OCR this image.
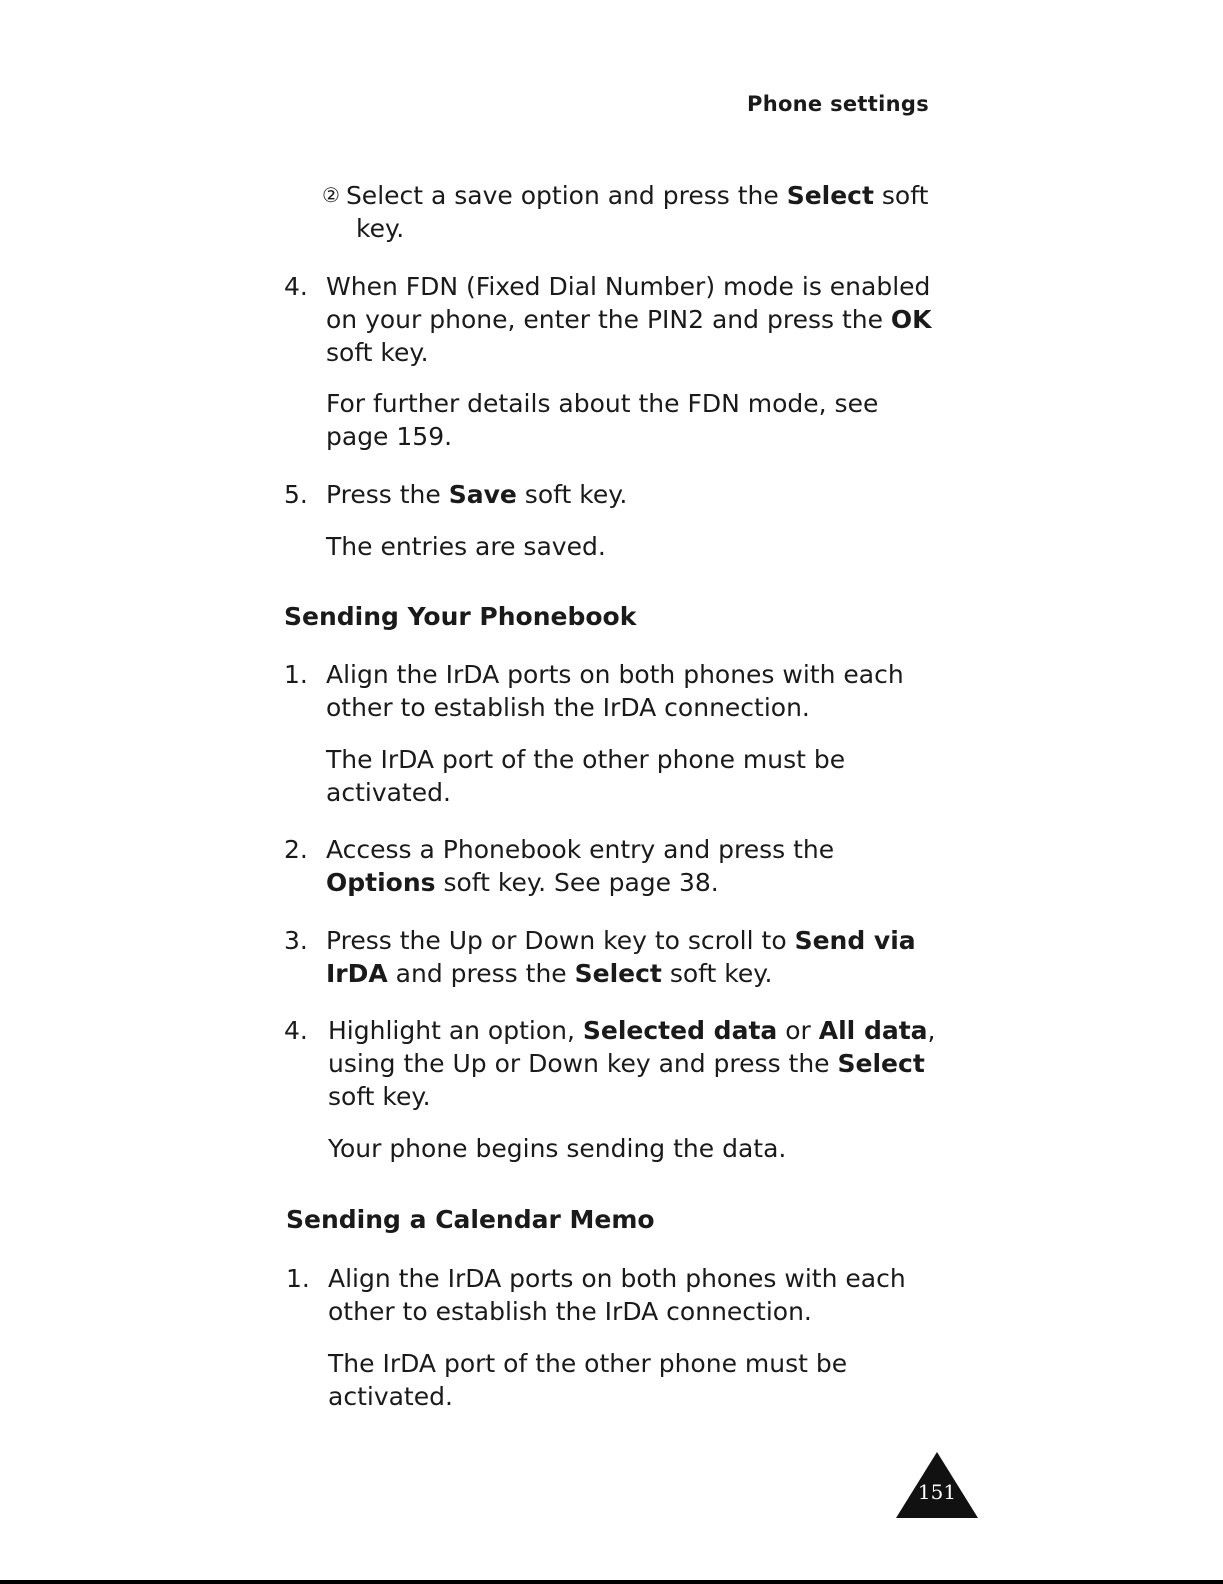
Phone settings
② Select a save option and press the Select soft
key.
4. When FDN (Fixed Dial Number) mode is enabled
on your phone, enter the PIN2 and press the OK
soft key.
For further details about the FDN mode, see
page 159.
5. Press the Save soft key.
The entries are saved.
Sending Your Phonebook
1. Align the IrDA ports on both phones with each
other to establish the IrDA connection.
The IrDA port of the other phone must be
activated.
2. Access a Phonebook entry and press the
Options soft key. See page 38.
3. Press the Up or Down key to scroll to Send via
IrDA and press the Select soft key.
4. Highlight an option, Selected data or All data,
using the Up or Down key and press the Select
soft key.
Your phone begins sending the data.
Sending a Calendar Memo
1. Align the IrDA ports on both phones with each
other to establish the IrDA connection.
The IrDA port of the other phone must be
activated.
151
